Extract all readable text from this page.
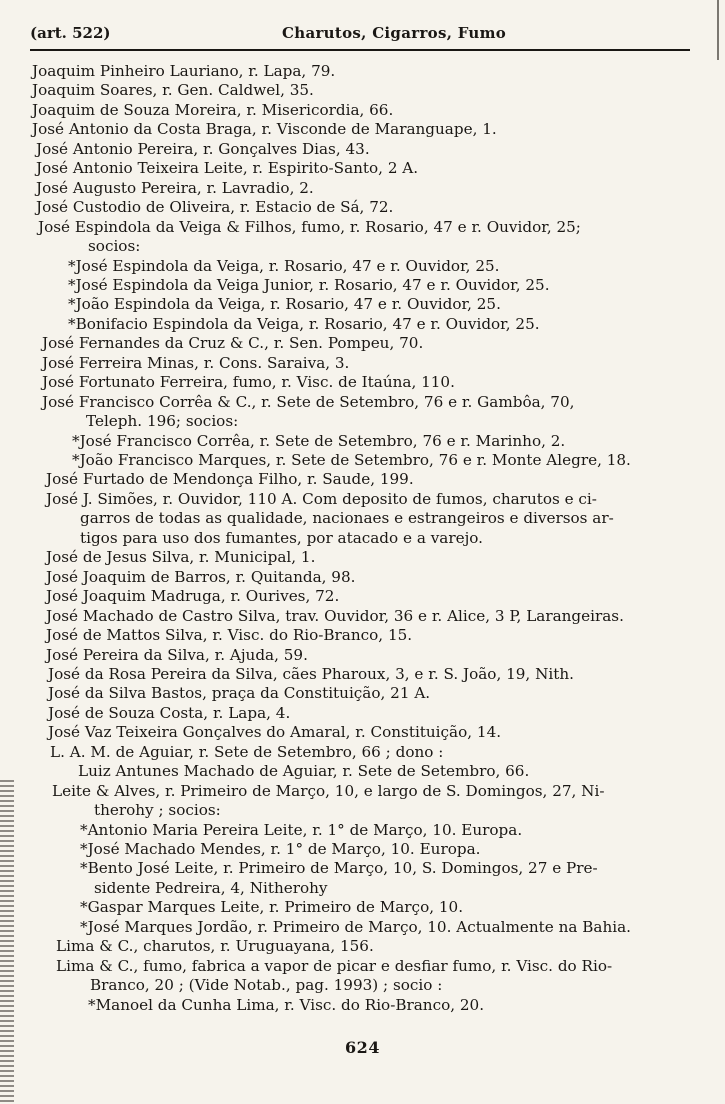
(art. 522)	Charutos, Cigarros, Fumo
Joaquim Pinheiro Lauriano, r. Lapa, 79.
Joaquim Soares, r. Gen. Caldwel, 35.
Joaquim de Souza Moreira, r. Misericordia, 66.
José Antonio da Costa Braga, r. Visconde de Maranguape, 1.
José Antonio Pereira, r. Gonçalves Dias, 43.
José Antonio Teixeira Leite, r. Espirito-Santo, 2 A.
José Augusto Pereira, r. Lavradio, 2.
José Custodio de Oliveira, r. Estacio de Sá, 72.
José Espindola da Veiga & Filhos, fumo, r. Rosario, 47 e r. Ouvidor, 25;
socios:
*José Espindola da Veiga, r. Rosario, 47 e r. Ouvidor, 25.
*José Espindola da Veiga Junior, r. Rosario, 47 e r. Ouvidor, 25.
*João Espindola da Veiga, r. Rosario, 47 e r. Ouvidor, 25.
*Bonifacio Espindola da Veiga, r. Rosario, 47 e r. Ouvidor, 25.
José Fernandes da Cruz & C., r. Sen. Pompeu, 70.
José Ferreira Minas, r. Cons. Saraiva, 3.
José Fortunato Ferreira, fumo, r. Visc. de Itaúna, 110.
José Francisco Corrêa & C., r. Sete de Setembro, 76 e r. Gambôa, 70,
Teleph. 196; socios:
*José Francisco Corrêa, r. Sete de Setembro, 76 e r. Marinho, 2.
*João Francisco Marques, r. Sete de Setembro, 76 e r. Monte Alegre, 18.
José Furtado de Mendonça Filho, r. Saude, 199.
José J. Simões, r. Ouvidor, 110 A. Com deposito de fumos, charutos e ci-
garros de todas as qualidade, nacionaes e estrangeiros e diversos ar-
tigos para uso dos fumantes, por atacado e a varejo.
José de Jesus Silva, r. Municipal, 1.
José Joaquim de Barros, r. Quitanda, 98.
José Joaquim Madruga, r. Ourives, 72.
José Machado de Castro Silva, trav. Ouvidor, 36 e r. Alice, 3 P, Larangeiras.
José de Mattos Silva, r. Visc. do Rio-Branco, 15.
José Pereira da Silva, r. Ajuda, 59.
José da Rosa Pereira da Silva, cães Pharoux, 3, e r. S. João, 19, Nith.
José da Silva Bastos, praça da Constituição, 21 A.
José de Souza Costa, r. Lapa, 4.
José Vaz Teixeira Gonçalves do Amaral, r. Constituição, 14.
L. A. M. de Aguiar, r. Sete de Setembro, 66 ; dono :
Luiz Antunes Machado de Aguiar, r. Sete de Setembro, 66.
Leite & Alves, r. Primeiro de Março, 10, e largo de S. Domingos, 27, Ni-
therohy ; socios:
*Antonio Maria Pereira Leite, r. 1° de Março, 10. Europa.
*José Machado Mendes, r. 1° de Março, 10. Europa.
*Bento José Leite, r. Primeiro de Março, 10, S. Domingos, 27 e Pre-
sidente Pedreira, 4, Nitherohy
*Gaspar Marques Leite, r. Primeiro de Março, 10.
*José Marques Jordão, r. Primeiro de Março, 10. Actualmente na Bahia.
Lima & C., charutos, r. Uruguayana, 156.
Lima & C., fumo, fabrica a vapor de picar e desfiar fumo, r. Visc. do Rio-
Branco, 20 ; (Vide Notab., pag. 1993) ; socio :
*Manoel da Cunha Lima, r. Visc. do Rio-Branco, 20.
624
